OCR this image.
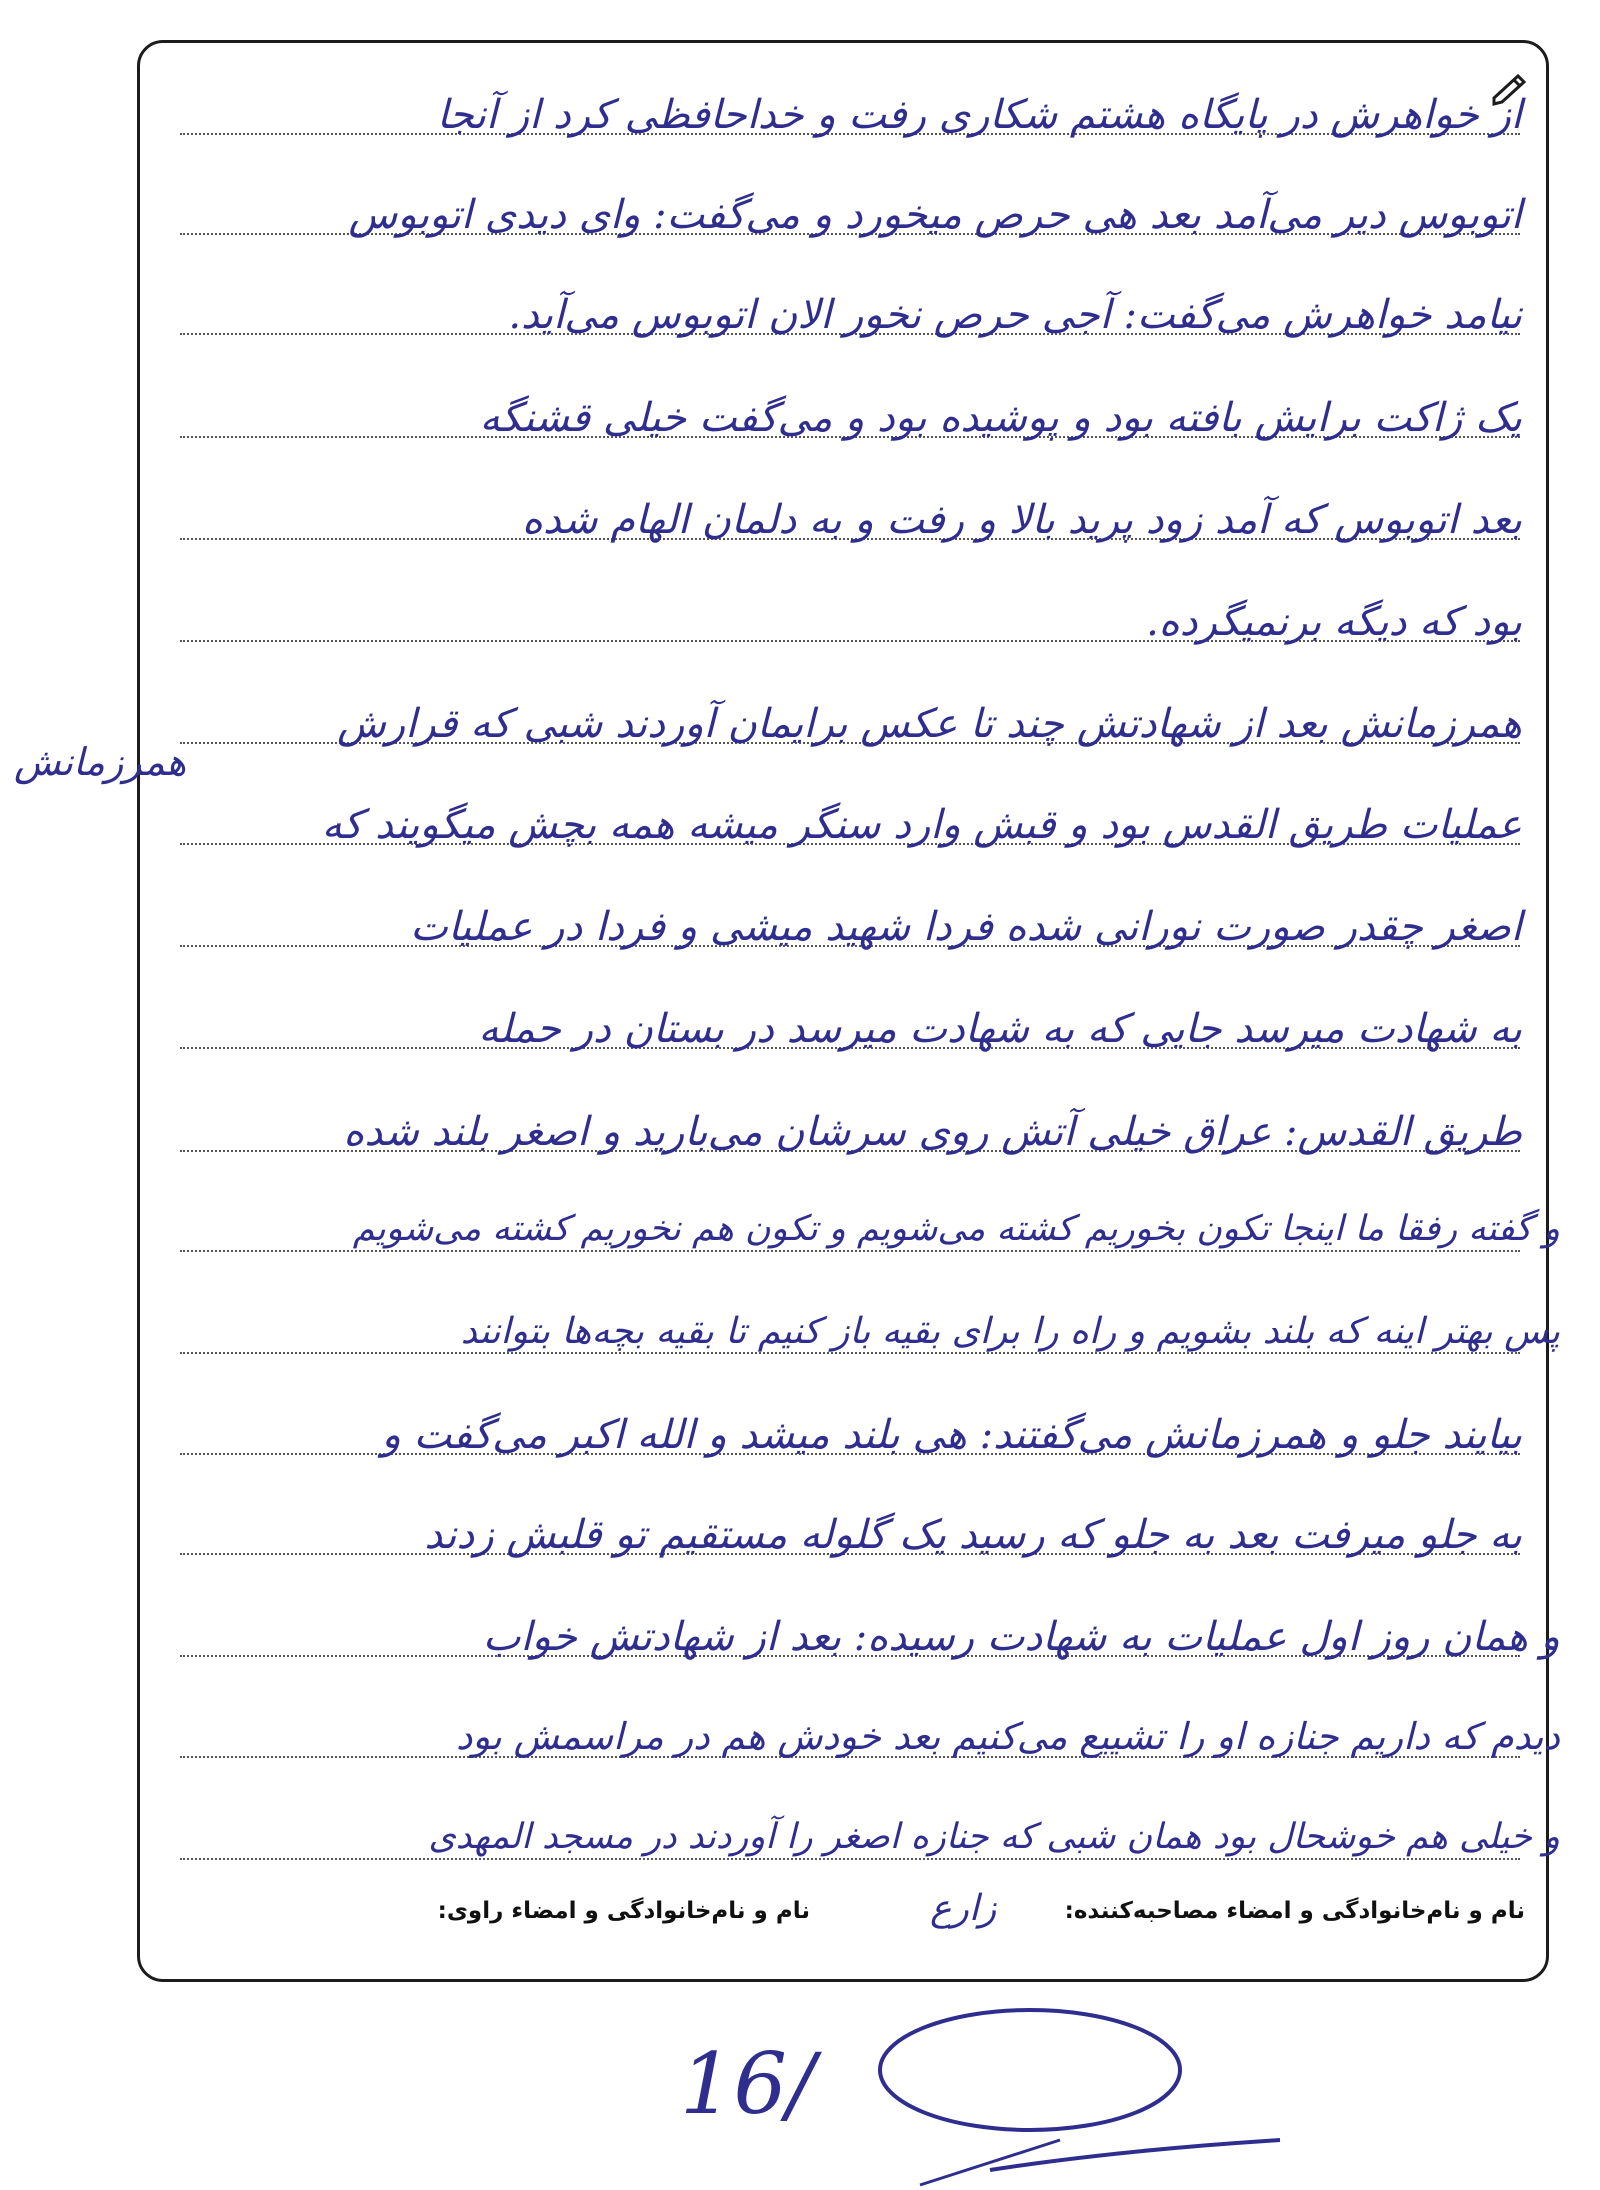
از خواهرش در پایگاه هشتم شکاری رفت و خداحافظی کرد از آنجا
اتوبوس دیر می‌آمد بعد هی حرص میخورد و می‌گفت: وای دیدی اتوبوس
نیامد خواهرش می‌گفت: آجی حرص نخور الان اتوبوس می‌آید.
یک ژاکت برایش بافته بود و پوشیده بود و می‌گفت خیلی قشنگه
بعد اتوبوس که آمد زود پرید بالا و رفت و به دلمان الهام شده
بود که دیگه برنمیگرده.
همرزمانش بعد از شهادتش چند تا عکس برایمان آوردند شبی که قرارش
عملیات طریق القدس بود و قبش وارد سنگر میشه همه بچش میگویند که
اصغر چقدر صورت نورانی شده فردا شهید میشی و فردا در عملیات
به شهادت میرسد جایی که به شهادت میرسد در بستان در حمله
طریق القدس: عراق خیلی آتش روی سرشان می‌بارید و اصغر بلند شده
و گفته رفقا ما اینجا تکون بخوریم کشته می‌شویم و تکون هم نخوریم کشته می‌شویم
پس بهتر اینه که بلند بشویم و راه را برای بقیه باز کنیم تا بقیه بچه‌ها بتوانند
بیایند جلو و همرزمانش می‌گفتند: هی بلند میشد و الله اکبر می‌گفت و
به جلو میرفت بعد به جلو که رسید یک گلوله مستقیم تو قلبش زدند
و همان روز اول عملیات به شهادت رسیده: بعد از شهادتش خواب
دیدم که داریم جنازه او را تشییع می‌کنیم بعد خودش هم در مراسمش بود
و خیلی هم خوشحال بود همان شبی که جنازه اصغر را آوردند در مسجد المهدی
همرزمانش
نام و نام‌خانوادگی و امضاء مصاحبه‌کننده:
زارع
نام و نام‌خانوادگی و امضاء راوی:
16/
